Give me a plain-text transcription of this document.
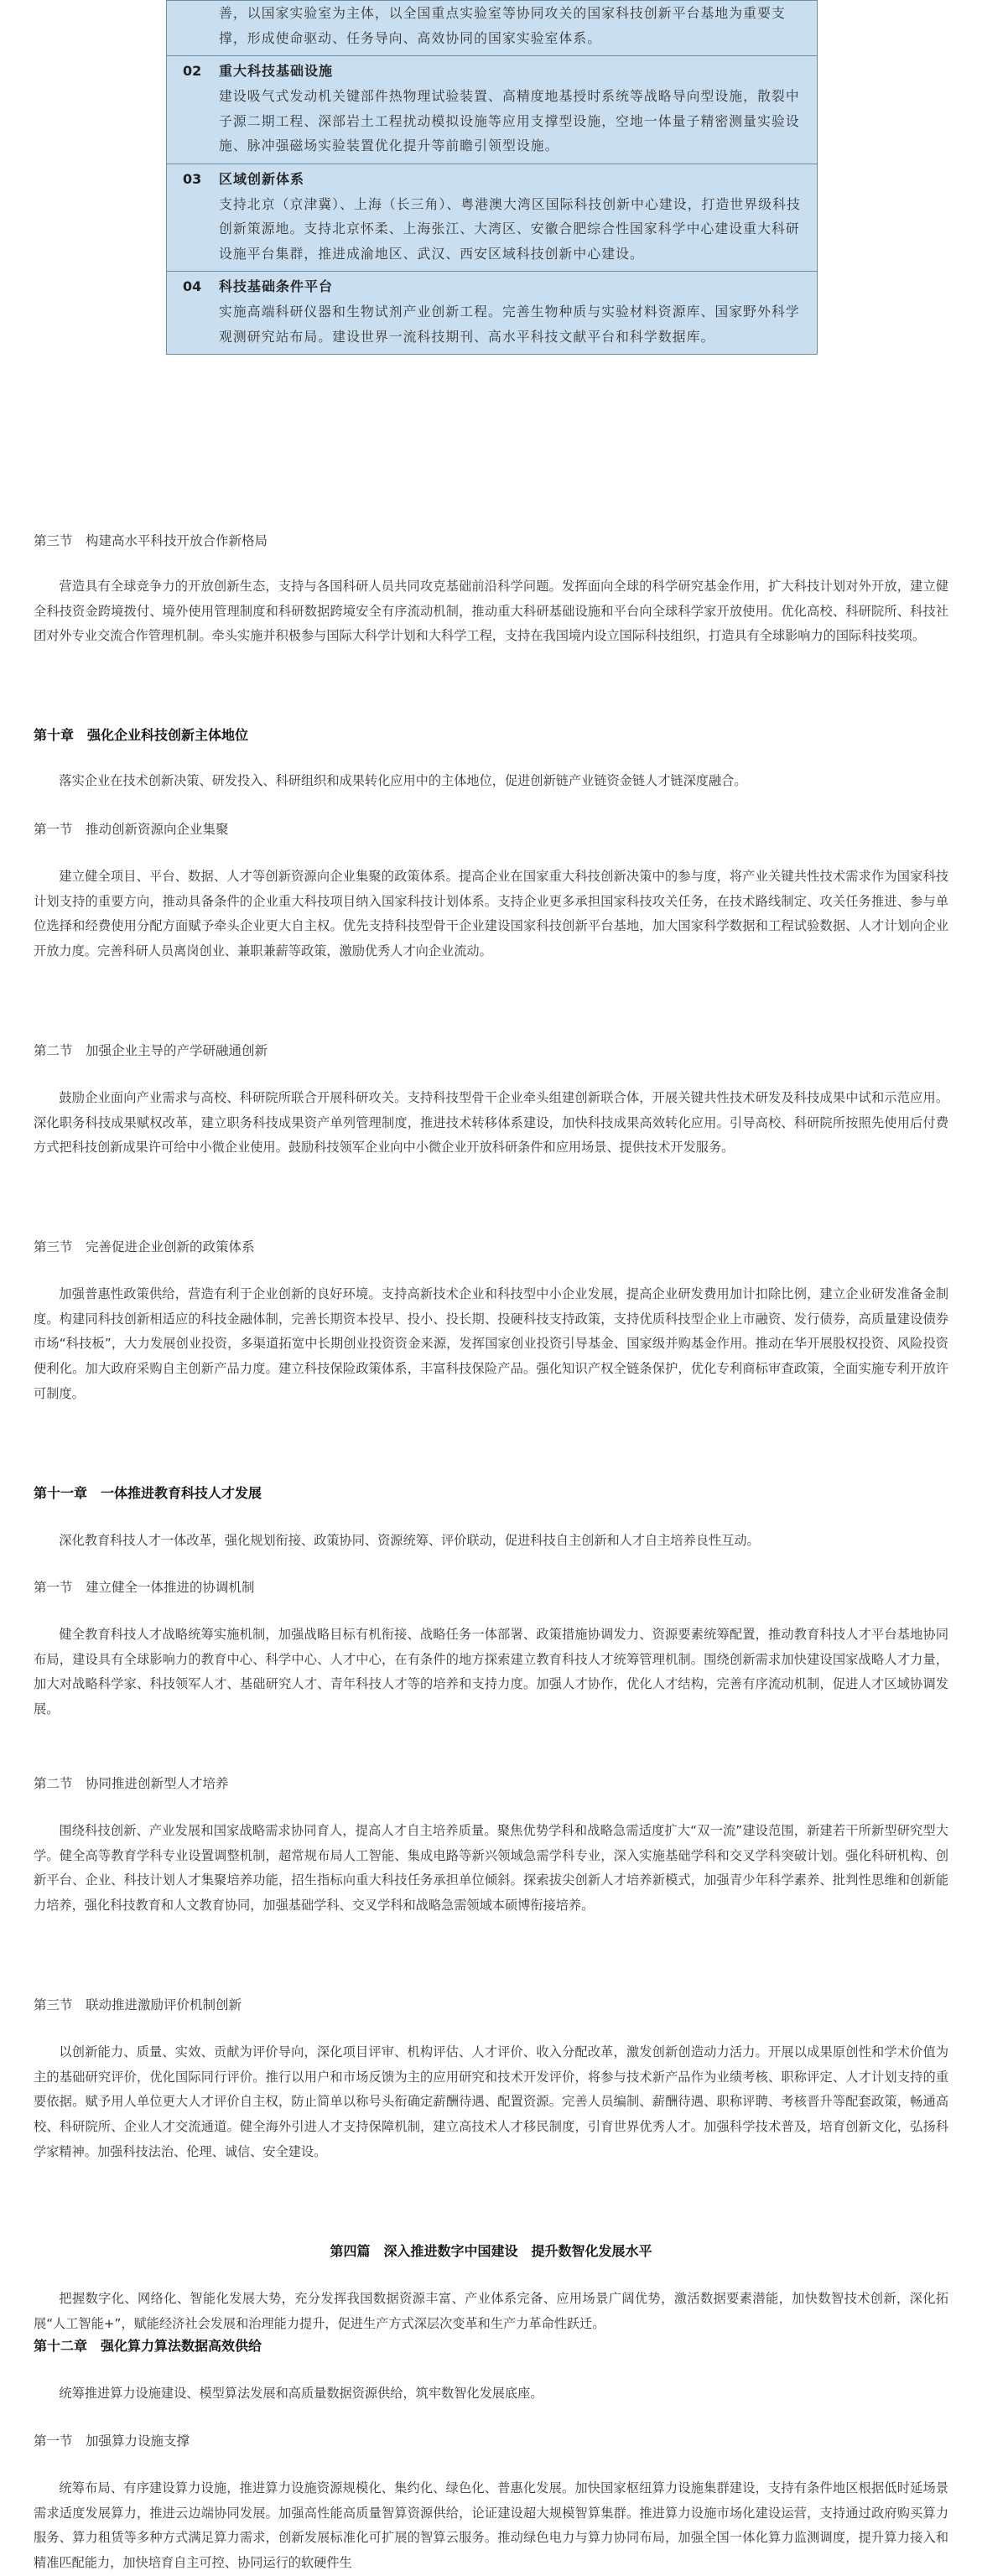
善，以国家实验室为主体，以全国重点实验室等协同攻关的国家科技创新平台基地为重要支撑，形成使命驱动、任务导向、高效协同的国家实验室体系。
02	重大科技基础设施
建设吸气式发动机关键部件热物理试验装置、高精度地基授时系统等战略导向型设施，散裂中子源二期工程、深部岩土工程扰动模拟设施等应用支撑型设施，空地一体量子精密测量实验设施、脉冲强磁场实验装置优化提升等前瞻引领型设施。
03	区域创新体系
支持北京（京津冀）、上海（长三角）、粤港澳大湾区国际科技创新中心建设，打造世界级科技创新策源地。支持北京怀柔、上海张江、大湾区、安徽合肥综合性国家科学中心建设重大科研设施平台集群，推进成渝地区、武汉、西安区域科技创新中心建设。
04	科技基础条件平台
实施高端科研仪器和生物试剂产业创新工程。完善生物种质与实验材料资源库、国家野外科学观测研究站布局。建设世界一流科技期刊、高水平科技文献平台和科学数据库。
第三节　构建高水平科技开放合作新格局
营造具有全球竞争力的开放创新生态，支持与各国科研人员共同攻克基础前沿科学问题。发挥面向全球的科学研究基金作用，扩大科技计划对外开放，建立健全科技资金跨境拨付、境外使用管理制度和科研数据跨境安全有序流动机制，推动重大科研基础设施和平台向全球科学家开放使用。优化高校、科研院所、科技社团对外专业交流合作管理机制。牵头实施并积极参与国际大科学计划和大科学工程，支持在我国境内设立国际科技组织，打造具有全球影响力的国际科技奖项。
第十章　强化企业科技创新主体地位
落实企业在技术创新决策、研发投入、科研组织和成果转化应用中的主体地位，促进创新链产业链资金链人才链深度融合。
第一节　推动创新资源向企业集聚
建立健全项目、平台、数据、人才等创新资源向企业集聚的政策体系。提高企业在国家重大科技创新决策中的参与度，将产业关键共性技术需求作为国家科技计划支持的重要方向，推动具备条件的企业重大科技项目纳入国家科技计划体系。支持企业更多承担国家科技攻关任务，在技术路线制定、攻关任务推进、参与单位选择和经费使用分配方面赋予牵头企业更大自主权。优先支持科技型骨干企业建设国家科技创新平台基地，加大国家科学数据和工程试验数据、人才计划向企业开放力度。完善科研人员离岗创业、兼职兼薪等政策，激励优秀人才向企业流动。
第二节　加强企业主导的产学研融通创新
鼓励企业面向产业需求与高校、科研院所联合开展科研攻关。支持科技型骨干企业牵头组建创新联合体，开展关键共性技术研发及科技成果中试和示范应用。深化职务科技成果赋权改革，建立职务科技成果资产单列管理制度，推进技术转移体系建设，加快科技成果高效转化应用。引导高校、科研院所按照先使用后付费方式把科技创新成果许可给中小微企业使用。鼓励科技领军企业向中小微企业开放科研条件和应用场景、提供技术开发服务。
第三节　完善促进企业创新的政策体系
加强普惠性政策供给，营造有利于企业创新的良好环境。支持高新技术企业和科技型中小企业发展，提高企业研发费用加计扣除比例，建立企业研发准备金制度。构建同科技创新相适应的科技金融体制，完善长期资本投早、投小、投长期、投硬科技支持政策，支持优质科技型企业上市融资、发行债券，高质量建设债券市场“科技板”，大力发展创业投资，多渠道拓宽中长期创业投资资金来源，发挥国家创业投资引导基金、国家级并购基金作用。推动在华开展股权投资、风险投资便利化。加大政府采购自主创新产品力度。建立科技保险政策体系，丰富科技保险产品。强化知识产权全链条保护，优化专利商标审查政策，全面实施专利开放许可制度。
第十一章　一体推进教育科技人才发展
深化教育科技人才一体改革，强化规划衔接、政策协同、资源统筹、评价联动，促进科技自主创新和人才自主培养良性互动。
第一节　建立健全一体推进的协调机制
健全教育科技人才战略统筹实施机制，加强战略目标有机衔接、战略任务一体部署、政策措施协调发力、资源要素统筹配置，推动教育科技人才平台基地协同布局，建设具有全球影响力的教育中心、科学中心、人才中心，在有条件的地方探索建立教育科技人才统筹管理机制。围绕创新需求加快建设国家战略人才力量，加大对战略科学家、科技领军人才、基础研究人才、青年科技人才等的培养和支持力度。加强人才协作，优化人才结构，完善有序流动机制，促进人才区域协调发展。
第二节　协同推进创新型人才培养
围绕科技创新、产业发展和国家战略需求协同育人，提高人才自主培养质量。聚焦优势学科和战略急需适度扩大“双一流”建设范围，新建若干所新型研究型大学。健全高等教育学科专业设置调整机制，超常规布局人工智能、集成电路等新兴领域急需学科专业，深入实施基础学科和交叉学科突破计划。强化科研机构、创新平台、企业、科技计划人才集聚培养功能，招生指标向重大科技任务承担单位倾斜。探索拔尖创新人才培养新模式，加强青少年科学素养、批判性思维和创新能力培养，强化科技教育和人文教育协同，加强基础学科、交叉学科和战略急需领域本硕博衔接培养。
第三节　联动推进激励评价机制创新
以创新能力、质量、实效、贡献为评价导向，深化项目评审、机构评估、人才评价、收入分配改革，激发创新创造动力活力。开展以成果原创性和学术价值为主的基础研究评价，优化国际同行评价。推行以用户和市场反馈为主的应用研究和技术开发评价，将参与技术新产品作为业绩考核、职称评定、人才计划支持的重要依据。赋予用人单位更大人才评价自主权，防止简单以称号头衔确定薪酬待遇、配置资源。完善人员编制、薪酬待遇、职称评聘、考核晋升等配套政策，畅通高校、科研院所、企业人才交流通道。健全海外引进人才支持保障机制，建立高技术人才移民制度，引育世界优秀人才。加强科学技术普及，培育创新文化，弘扬科学家精神。加强科技法治、伦理、诚信、安全建设。
第四篇　深入推进数字中国建设　提升数智化发展水平
把握数字化、网络化、智能化发展大势，充分发挥我国数据资源丰富、产业体系完备、应用场景广阔优势，激活数据要素潜能，加快数智技术创新，深化拓展“人工智能+”，赋能经济社会发展和治理能力提升，促进生产方式深层次变革和生产力革命性跃迁。
第十二章　强化算力算法数据高效供给
统筹推进算力设施建设、模型算法发展和高质量数据资源供给，筑牢数智化发展底座。
第一节　加强算力设施支撑
统筹布局、有序建设算力设施，推进算力设施资源规模化、集约化、绿色化、普惠化发展。加快国家枢纽算力设施集群建设，支持有条件地区根据低时延场景需求适度发展算力，推进云边端协同发展。加强高性能高质量智算资源供给，论证建设超大规模智算集群。推进算力设施市场化建设运营，支持通过政府购买算力服务、算力租赁等多种方式满足算力需求，创新发展标准化可扩展的智算云服务。推动绿色电力与算力协同布局，加强全国一体化算力监测调度，提升算力接入和精准匹配能力，加快培育自主可控、协同运行的软硬件生
